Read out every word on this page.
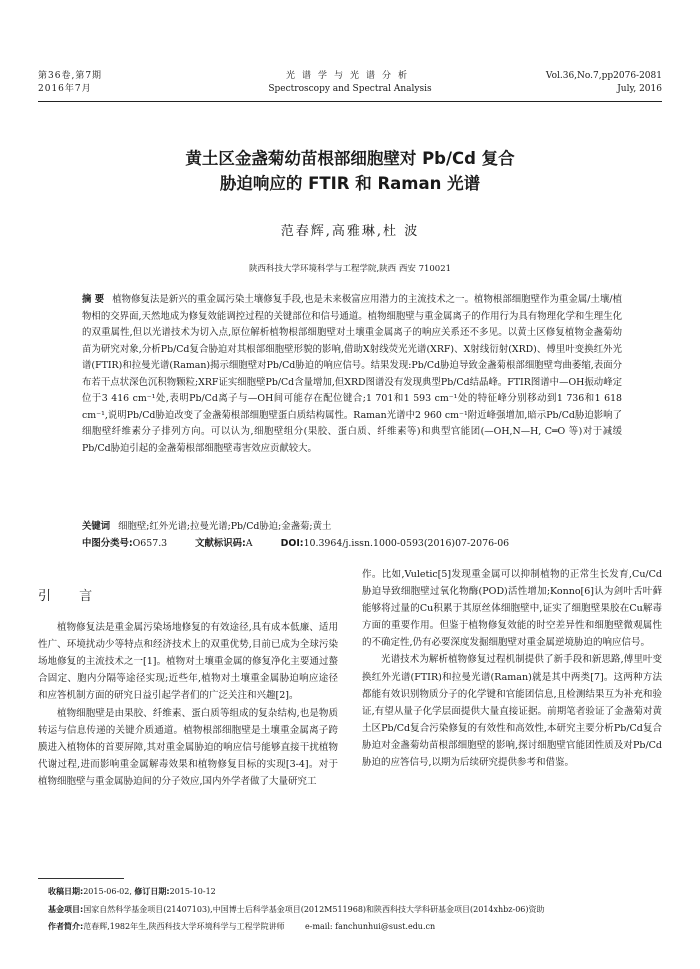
第36卷,第7期
2016年7月
光谱学与光谱分析
Spectroscopy and Spectral Analysis
Vol.36,No.7,pp2076-2081
July, 2016
黄土区金盏菊幼苗根部细胞壁对 Pb/Cd 复合
胁迫响应的 FTIR 和 Raman 光谱
范春辉,高雅琳,杜 波
陕西科技大学环境科学与工程学院,陕西 西安 710021
摘 要 植物修复法是新兴的重金属污染土壤修复手段,也是未来极富应用潜力的主流技术之一。植物根部细胞壁作为重金属/土壤/植物相的交界面,天然地成为修复效能调控过程的关键部位和信号通道。植物细胞壁与重金属离子的作用行为具有物理化学和生理生化的双重属性,但以光谱技术为切入点,原位解析植物根部细胞壁对土壤重金属离子的响应关系还不多见。以黄土区修复植物金盏菊幼苗为研究对象,分析Pb/Cd复合胁迫对其根部细胞壁形貌的影响,借助X射线荧光光谱(XRF)、X射线衍射(XRD)、傅里叶变换红外光谱(FTIR)和拉曼光谱(Raman)揭示细胞壁对Pb/Cd胁迫的响应信号。结果发现:Pb/Cd胁迫导致金盏菊根部细胞壁弯曲萎缩,表面分布若干点状深色沉积物颗粒;XRF证实细胞壁Pb/Cd含量增加,但XRD图谱没有发现典型Pb/Cd结晶峰。FTIR图谱中—OH振动峰定位于3 416 cm⁻¹处,表明Pb/Cd离子与—OH间可能存在配位键合;1 701和1 593 cm⁻¹处的特征峰分别移动到1 736和1 618 cm⁻¹,说明Pb/Cd胁迫改变了金盏菊根部细胞壁蛋白质结构属性。Raman光谱中2 960 cm⁻¹附近峰强增加,暗示Pb/Cd胁迫影响了细胞壁纤维素分子排列方向。可以认为,细胞壁组分(果胶、蛋白质、纤维素等)和典型官能团(—OH,N—H, C═O 等)对于减缓Pb/Cd胁迫引起的金盏菊根部细胞壁毒害效应贡献较大。
关键词 细胞壁;红外光谱;拉曼光谱;Pb/Cd胁迫;金盏菊;黄土
中图分类号:O657.3	文献标识码:A	DOI:10.3964/j.issn.1000-0593(2016)07-2076-06
引 言

植物修复法是重金属污染场地修复的有效途径,具有成本低廉、适用性广、环境扰动少等特点和经济技术上的双重优势,目前已成为全球污染场地修复的主流技术之一[1]。植物对土壤重金属的修复净化主要通过螯合固定、胞内分隔等途径实现;近些年,植物对土壤重金属胁迫响应途径和应答机制方面的研究日益引起学者们的广泛关注和兴趣[2]。

植物细胞壁是由果胶、纤维素、蛋白质等组成的复杂结构,也是物质转运与信息传递的关键介质通道。植物根部细胞壁是土壤重金属离子跨膜进入植物体的首要屏障,其对重金属胁迫的响应信号能够直接干扰植物代谢过程,进而影响重金属解毒效果和植物修复目标的实现[3-4]。对于植物细胞壁与重金属胁迫间的分子效应,国内外学者做了大量研究工

作。比如,Vuletic[5]发现重金属可以抑制植物的正常生长发育,Cu/Cd胁迫导致细胞壁过氧化物酶(POD)活性增加;Konno[6]认为剑叶舌叶藓能够将过量的Cu积累于其原丝体细胞壁中,证实了细胞壁果胶在Cu解毒方面的重要作用。但鉴于植物修复效能的时空差异性和细胞壁微观属性的不确定性,仍有必要深度发掘细胞壁对重金属逆境胁迫的响应信号。

光谱技术为解析植物修复过程机制提供了新手段和新思路,傅里叶变换红外光谱(FTIR)和拉曼光谱(Raman)就是其中两类[7]。这两种方法都能有效识别物质分子的化学键和官能团信息,且检测结果互为补充和验证,有望从量子化学层面提供大量直接证据。前期笔者验证了金盏菊对黄土区Pb/Cd复合污染修复的有效性和高效性,本研究主要分析Pb/Cd复合胁迫对金盏菊幼苗根部细胞壁的影响,探讨细胞壁官能团性质及对Pb/Cd胁迫的应答信号,以期为后续研究提供参考和借鉴。

收稿日期:2015-06-02, 修订日期:2015-10-12
基金项目:国家自然科学基金项目(21407103),中国博士后科学基金项目(2012M511968)和陕西科技大学科研基金项目(2014xhbz-06)资助
作者简介:范春辉,1982年生,陕西科技大学环境科学与工程学院讲师	e-mail: fanchunhui@sust.edu.cn
